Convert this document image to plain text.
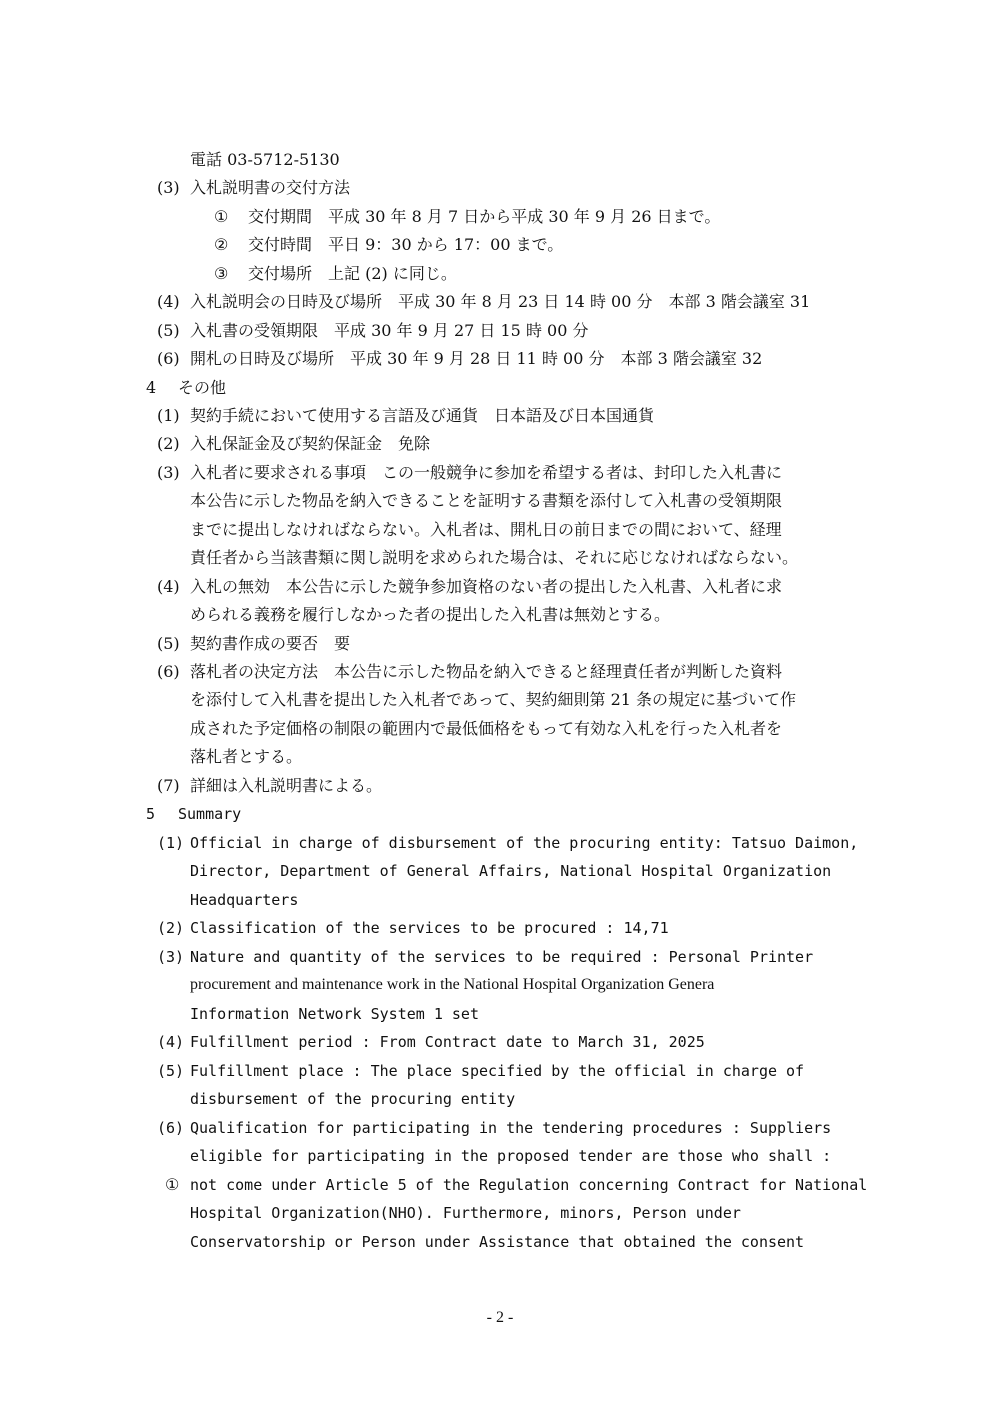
電話 03-5712-5130
(3) 入札説明書の交付方法
① 交付期間　平成 30 年 8 月 7 日から平成 30 年 9 月 26 日まで。
② 交付時間　平日 9：30 から 17：00 まで。
③ 交付場所　上記 (2) に同じ。
(4) 入札説明会の日時及び場所　平成 30 年 8 月 23 日 14 時 00 分　本部 3 階会議室 31
(5) 入札書の受領期限　平成 30 年 9 月 27 日 15 時 00 分
(6) 開札の日時及び場所　平成 30 年 9 月 28 日 11 時 00 分　本部 3 階会議室 32
4 その他
(1) 契約手続において使用する言語及び通貨　日本語及び日本国通貨
(2) 入札保証金及び契約保証金　免除
(3) 入札者に要求される事項　この一般競争に参加を希望する者は、封印した入札書に
本公告に示した物品を納入できることを証明する書類を添付して入札書の受領期限
までに提出しなければならない。入札者は、開札日の前日までの間において、経理
責任者から当該書類に関し説明を求められた場合は、それに応じなければならない。
(4) 入札の無効　本公告に示した競争参加資格のない者の提出した入札書、入札者に求
められる義務を履行しなかった者の提出した入札書は無効とする。
(5) 契約書作成の要否　要
(6) 落札者の決定方法　本公告に示した物品を納入できると経理責任者が判断した資料
を添付して入札書を提出した入札者であって、契約細則第 21 条の規定に基づいて作
成された予定価格の制限の範囲内で最低価格をもって有効な入札を行った入札者を
落札者とする。
(7) 詳細は入札説明書による。
5 Summary
(1) Official in charge of disbursement of the procuring entity: Tatsuo Daimon,
Director, Department of General Affairs, National Hospital Organization
Headquarters
(2) Classification of the services to be procured : 14,71
(3) Nature and quantity of the services to be required : Personal Printer
procurement and maintenance work in the National Hospital Organization Genera
Information Network System 1 set
(4) Fulfillment period : From Contract date to March 31, 2025
(5) Fulfillment place : The place specified by the official in charge of
disbursement of the procuring entity
(6) Qualification for participating in the tendering procedures : Suppliers
eligible for participating in the proposed tender are those who shall :
① not come under Article 5 of the Regulation concerning Contract for National
Hospital Organization(NHO). Furthermore, minors, Person under
Conservatorship or Person under Assistance that obtained the consent
- 2 -
